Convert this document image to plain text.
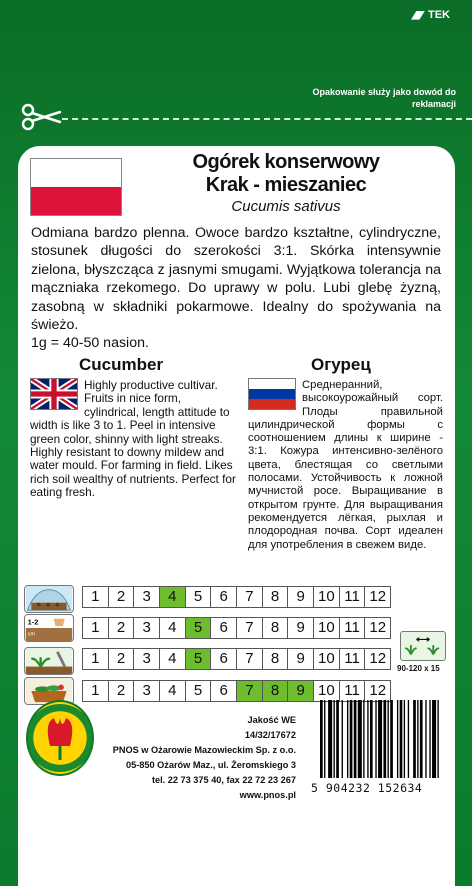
TEK
Opakowanie służy jako dowód do reklamacji
Ogórek konserwowy
Krak - mieszaniec
Cucumis sativus
Odmiana bardzo plenna. Owoce bardzo kształtne, cylindryczne, stosunek długości do szerokości 3:1. Skórka intensywnie zielona, błyszcząca z jasnymi smugami. Wyjątkowa tolerancja na mączniaka rzekomego. Do uprawy w polu. Lubi glebę żyzną, zasobną w składniki pokarmowe. Idealny do spożywania na świeżo.
1g = 40-50 nasion.
Cucumber	Огурец
Highly productive cultivar. Fruits in nice form, cylindrical, length attitude to width is like 3 to 1. Peel in intensive green color, shinny with light streaks. Highly resistant to downy mildew and water mould. For farming in field. Likes rich soil wealthy of nutrients. Perfect for eating fresh.
Среднеранний, высокоурожайный сорт. Плоды правильной цилиндрической формы с соотношением длины к ширине - 3:1. Кожура интенсивно-зелёного цвета, блестящая со светлыми полосами. Устойчивость к ложной мучнистой росе. Выращивание в открытом грунте. Для выращивания рекомендуется лёгкая, рыхлая и плодородная почва. Сорт идеален для употребления в свежем виде.
1-2
cm
1	2	3	4	5	6	7	8	9 10 11 12
1	2	3	4	5	6	7	8	9 10 11 12
1	2	3	4	5	6	7	8	9 10 11 12
1	2	3	4	5	6	7	8	9 10 11 12
90-120 x 15
Jakość WE
14/32/17672
PNOS w Ożarowie Mazowieckim Sp. z o.o.
05-850 Ożarów Maz., ul. Żeromskiego 3
tel. 22 73 375 40, fax 22 72 23 267
www.pnos.pl 5 904232 152634
